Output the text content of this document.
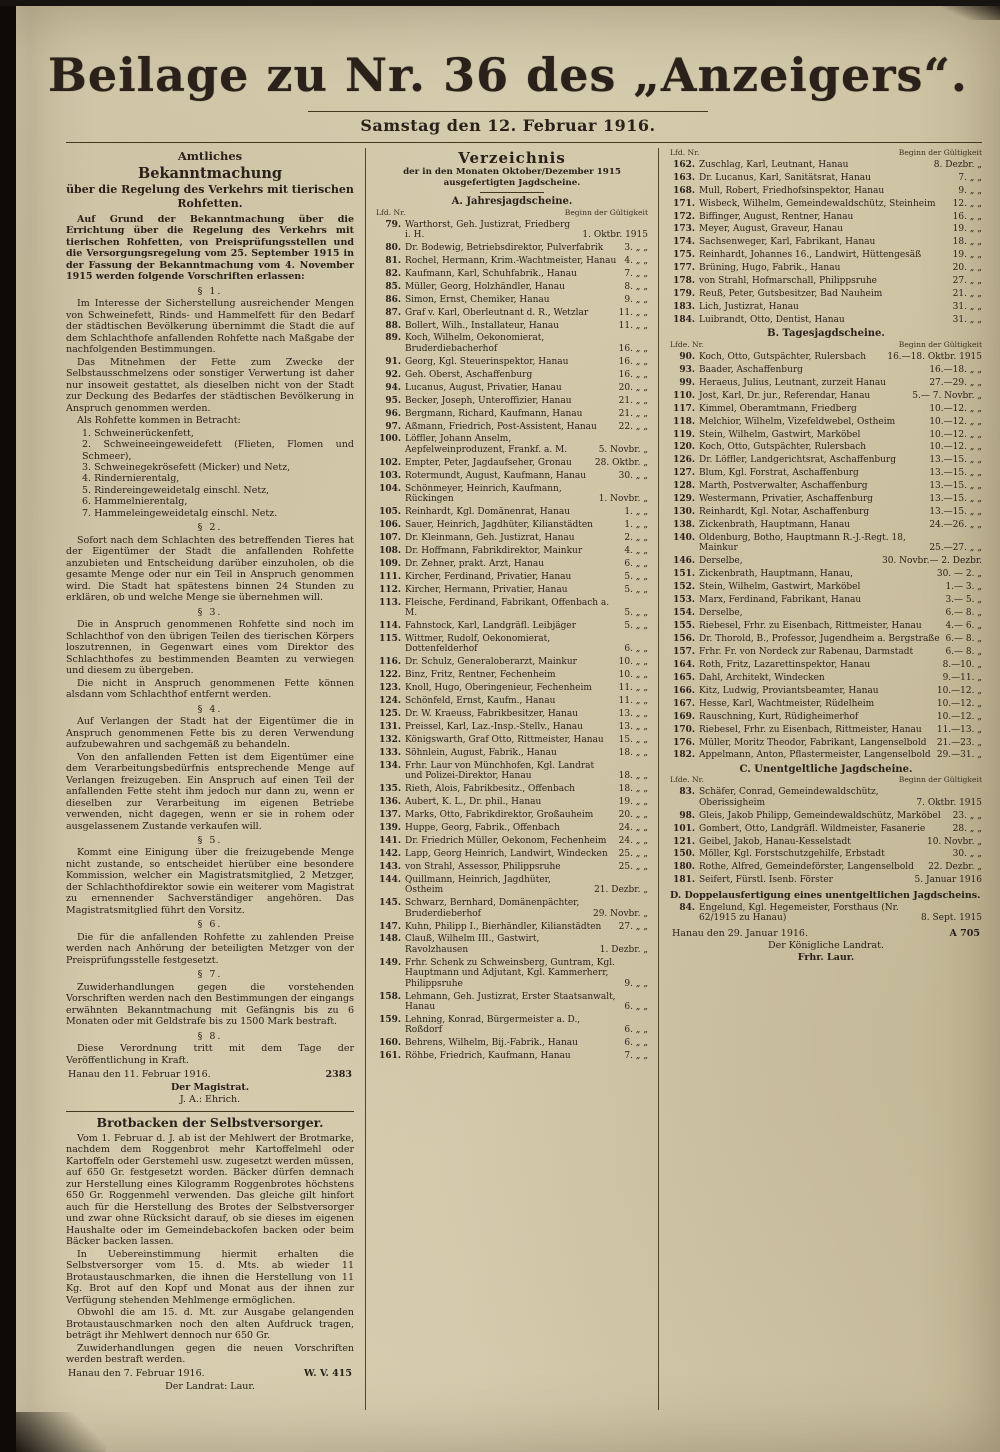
Beilage zu Nr. 36 des „Anzeigers“.
Samstag den 12. Februar 1916.
Amtliches
Bekanntmachung
über die Regelung des Verkehrs mit tierischen Rohfetten.

Auf Grund der Bekanntmachung über die Errichtung über die Regelung des Verkehrs mit tierischen Rohfetten, von Preisprüfungsstellen und die Versorgungsregelung vom 25. September 1915 in der Fassung der Bekanntmachung vom 4. November 1915 werden folgende Vorschriften erlassen:

§ 1.

Im Interesse der Sicherstellung ausreichender Mengen von Schweinefett, Rinds- und Hammelfett für den Bedarf der städtischen Bevölkerung übernimmt die Stadt die auf dem Schlachthofe anfallenden Rohfette nach Maßgabe der nachfolgenden Bestimmungen.

Das Mitnehmen der Fette zum Zwecke der Selbstausschmelzens oder sonstiger Verwertung ist daher nur insoweit gestattet, als dieselben nicht von der Stadt zur Deckung des Bedarfes der städtischen Bevölkerung in Anspruch genommen werden.

Als Rohfette kommen in Betracht:

1. Schweinerückenfett,
2. Schweineeingeweidefett (Flieten, Flomen und Schmeer),
3. Schweinegekrösefett (Micker) und Netz,
4. Rindernierentalg,
5. Rindereingeweidetalg einschl. Netz,
6. Hammelnierentalg,
7. Hammeleingeweidetalg einschl. Netz.
§ 2.

Sofort nach dem Schlachten des betreffenden Tieres hat der Eigentümer der Stadt die anfallenden Rohfette anzubieten und Entscheidung darüber einzuholen, ob die gesamte Menge oder nur ein Teil in Anspruch genommen wird. Die Stadt hat spätestens binnen 24 Stunden zu erklären, ob und welche Menge sie übernehmen will.

§ 3.

Die in Anspruch genommenen Rohfette sind noch im Schlachthof von den übrigen Teilen des tierischen Körpers loszutrennen, in Gegenwart eines vom Direktor des Schlachthofes zu bestimmenden Beamten zu verwiegen und diesem zu übergeben.

Die nicht in Anspruch genommenen Fette können alsdann vom Schlachthof entfernt werden.

§ 4.

Auf Verlangen der Stadt hat der Eigentümer die in Anspruch genommenen Fette bis zu deren Verwendung aufzubewahren und sachgemäß zu behandeln.

Von den anfallenden Fetten ist dem Eigentümer eine dem Verarbeitungsbedürfnis entsprechende Menge auf Verlangen freizugeben. Ein Anspruch auf einen Teil der anfallenden Fette steht ihm jedoch nur dann zu, wenn er dieselben zur Verarbeitung im eigenen Betriebe verwenden, nicht dagegen, wenn er sie in rohem oder ausgelassenem Zustande verkaufen will.

§ 5.

Kommt eine Einigung über die freizugebende Menge nicht zustande, so entscheidet hierüber eine besondere Kommission, welcher ein Magistratsmitglied, 2 Metzger, der Schlachthofdirektor sowie ein weiterer vom Magistrat zu ernennender Sachverständiger angehören. Das Magistratsmitglied führt den Vorsitz.

§ 6.

Die für die anfallenden Rohfette zu zahlenden Preise werden nach Anhörung der beteiligten Metzger von der Preisprüfungsstelle festgesetzt.

§ 7.

Zuwiderhandlungen gegen die vorstehenden Vorschriften werden nach den Bestimmungen der eingangs erwähnten Bekanntmachung mit Gefängnis bis zu 6 Monaten oder mit Geldstrafe bis zu 1500 Mark bestraft.

§ 8.

Diese Verordnung tritt mit dem Tage der Veröffentlichung in Kraft.

Hanau den 11. Februar 1916.	2383
Der Magistrat.
J. A.: Ehrich.
Brotbacken der Selbstversorger.

Vom 1. Februar d. J. ab ist der Mehlwert der Brotmarke, nachdem dem Roggenbrot mehr Kartoffelmehl oder Kartoffeln oder Gerstemehl usw. zugesetzt werden müssen, auf 650 Gr. festgesetzt worden. Bäcker dürfen demnach zur Herstellung eines Kilogramm Roggenbrotes höchstens 650 Gr. Roggenmehl verwenden. Das gleiche gilt hinfort auch für die Herstellung des Brotes der Selbstversorger und zwar ohne Rücksicht darauf, ob sie dieses im eigenen Haushalte oder im Gemeindebackofen backen oder beim Bäcker backen lassen.

In Uebereinstimmung hiermit erhalten die Selbstversorger vom 15. d. Mts. ab wieder 11 Brotaustauschmarken, die ihnen die Herstellung von 11 Kg. Brot auf den Kopf und Monat aus der ihnen zur Verfügung stehenden Mehlmenge ermöglichen.

Obwohl die am 15. d. Mt. zur Ausgabe gelangenden Brotaustauschmarken noch den alten Aufdruck tragen, beträgt ihr Mehlwert dennoch nur 650 Gr.

Zuwiderhandlungen gegen die neuen Vorschriften werden bestraft werden.

Hanau den 7. Februar 1916.	W. V. 415
Der Landrat: Laur.
Verzeichnis
der in den Monaten Oktober/Dezember 1915
ausgefertigten Jagdscheine.
A. Jahresjagdscheine.
Lfd. Nr.	Beginn der Gültigkeit
79. Warthorst, Geh. Justizrat, Friedberg i. H.	1. Oktbr. 1915
80. Dr. Bodewig, Betriebsdirektor, Pulverfabrik	3. „ „
81. Rochel, Hermann, Krim.-Wachtmeister, Hanau 4. „ „
82. Kaufmann, Karl, Schuhfabrik., Hanau	7. „ „
85. Müller, Georg, Holzhändler, Hanau	8. „ „
86. Simon, Ernst, Chemiker, Hanau	9. „ „
87. Graf v. Karl, Oberleutnant d. R., Wetzlar	11. „ „
88. Bollert, Wilh., Installateur, Hanau	11. „ „
89. Koch, Wilhelm, Oekonomierat, Bruderdiebacherhof	16. „ „
91. Georg, Kgl. Steuerinspektor, Hanau	16. „ „
92. Geh. Oberst, Aschaffenburg	16. „ „
94. Lucanus, August, Privatier, Hanau	20. „ „
95. Becker, Joseph, Unteroffizier, Hanau	21. „ „
96. Bergmann, Richard, Kaufmann, Hanau	21. „ „
97. Aßmann, Friedrich, Post-Assistent, Hanau	22. „ „
100. Löffler, Johann Anselm, Aepfelweinproduzent, Frankf. a. M.	5. Novbr. „
102. Empter, Peter, Jagdaufseher, Gronau	28. Oktbr. „
103. Rotermundt, August, Kaufmann, Hanau	30. „ „
104. Schönmeyer, Heinrich, Kaufmann, Rückingen	1. Novbr. „
105. Reinhardt, Kgl. Domänenrat, Hanau	1. „ „
106. Sauer, Heinrich, Jagdhüter, Kilianstädten	1. „ „
107. Dr. Kleinmann, Geh. Justizrat, Hanau	2. „ „
108. Dr. Hoffmann, Fabrikdirektor, Mainkur	4. „ „
109. Dr. Zehner, prakt. Arzt, Hanau	6. „ „
111. Kircher, Ferdinand, Privatier, Hanau	5. „ „
112. Kircher, Hermann, Privatier, Hanau	5. „ „
113. Fleische, Ferdinand, Fabrikant, Offenbach a. M.	5. „ „
114. Fahnstock, Karl, Landgräfl. Leibjäger	5. „ „
115. Wittmer, Rudolf, Oekonomierat, Dottenfelderhof	6. „ „
116. Dr. Schulz, Generaloberarzt, Mainkur	10. „ „
122. Binz, Fritz, Rentner, Fechenheim	10. „ „
123. Knoll, Hugo, Oberingenieur, Fechenheim	11. „ „
124. Schönfeld, Ernst, Kaufm., Hanau	11. „ „
125. Dr. W. Kraeuss, Fabrikbesitzer, Hanau	13. „ „
131. Preissel, Karl, Laz.-Insp.-Stellv., Hanau	13. „ „
132. Königswarth, Graf Otto, Rittmeister, Hanau	15. „ „
133. Söhnlein, August, Fabrik., Hanau	18. „ „
134. Frhr. Laur von Münchhofen, Kgl. Landrat und Polizei-Direktor, Hanau	18. „ „
135. Rieth, Alois, Fabrikbesitz., Offenbach	18. „ „
136. Aubert, K. L., Dr. phil., Hanau	19. „ „
137. Marks, Otto, Fabrikdirektor, Großauheim	20. „ „
139. Huppe, Georg, Fabrik., Offenbach	24. „ „
141. Dr. Friedrich Müller, Oekonom, Fechenheim	24. „ „
142. Lapp, Georg Heinrich, Landwirt, Windecken	25. „ „
143. von Strahl, Assessor, Philippsruhe	25. „ „
144. Quillmann, Heinrich, Jagdhüter, Ostheim	21. Dezbr. „
145. Schwarz, Bernhard, Domänenpächter, Bruderdieberhof	29. Novbr. „
147. Kuhn, Philipp I., Bierhändler, Kilianstädten	27. „ „
148. Clauß, Wilhelm III., Gastwirt, Ravolzhausen	1. Dezbr. „
149. Frhr. Schenk zu Schweinsberg, Guntram, Kgl. Hauptmann und Adjutant, Kgl. Kammerherr, Philippsruhe	9. „ „
158. Lehmann, Geh. Justizrat, Erster Staatsanwalt, Hanau	6. „ „
159. Lehning, Konrad, Bürgermeister a. D., Roßdorf	6. „ „
160. Behrens, Wilhelm, Bij.-Fabrik., Hanau	6. „ „
161. Röhbe, Friedrich, Kaufmann, Hanau	7. „ „
Lfd. Nr.	Beginn der Gültigkeit
162. Zuschlag, Karl, Leutnant, Hanau	8. Dezbr. „
163. Dr. Lucanus, Karl, Sanitätsrat, Hanau	7. „ „
168. Mull, Robert, Friedhofsinspektor, Hanau	9. „ „
171. Wisbeck, Wilhelm, Gemeindewaldschütz, Steinheim	12. „ „
172. Biffinger, August, Rentner, Hanau	16. „ „
173. Meyer, August, Graveur, Hanau	19. „ „
174. Sachsenweger, Karl, Fabrikant, Hanau	18. „ „
175. Reinhardt, Johannes 16., Landwirt, Hüttengesäß	19. „ „
177. Brüning, Hugo, Fabrik., Hanau	20. „ „
178. von Strahl, Hofmarschall, Philippsruhe	27. „ „
179. Reuß, Peter, Gutsbesitzer, Bad Nauheim	21. „ „
183. Lich, Justizrat, Hanau	31. „ „
184. Luibrandt, Otto, Dentist, Hanau	31. „ „
B. Tagesjagdscheine.
Lfde. Nr.	Beginn der Gültigkeit
90. Koch, Otto, Gutspächter, Rulersbach	16.—18. Oktbr. 1915
93. Baader, Aschaffenburg	16.—18. „ „
99. Heraeus, Julius, Leutnant, zurzeit Hanau	27.—29. „ „
110. Jost, Karl, Dr. jur., Referendar, Hanau	5.— 7. Novbr. „
117. Kimmel, Oberamtmann, Friedberg	10.—12. „ „
118. Melchior, Wilhelm, Vizefeldwebel, Ostheim	10.—12. „ „
119. Stein, Wilhelm, Gastwirt, Marköbel	10.—12. „ „
120. Koch, Otto, Gutspächter, Rulersbach	10.—12. „ „
126. Dr. Löffler, Landgerichtsrat, Aschaffenburg	13.—15. „ „
127. Blum, Kgl. Forstrat, Aschaffenburg	13.—15. „ „
128. Marth, Postverwalter, Aschaffenburg	13.—15. „ „
129. Westermann, Privatier, Aschaffenburg	13.—15. „ „
130. Reinhardt, Kgl. Notar, Aschaffenburg	13.—15. „ „
138. Zickenbrath, Hauptmann, Hanau	24.—26. „ „
140. Oldenburg, Botho, Hauptmann R.-J.-Regt. 18, Mainkur	25.—27. „ „
146. Derselbe,	30. Novbr.— 2. Dezbr.
151. Zickenbrath, Hauptmann, Hanau,	30. — 2. „
152. Stein, Wilhelm, Gastwirt, Marköbel	1.— 3. „
153. Marx, Ferdinand, Fabrikant, Hanau	3.— 5. „
154. Derselbe,	6.— 8. „
155. Riebesel, Frhr. zu Eisenbach, Rittmeister, Hanau	4.— 6. „
156. Dr. Thorold, B., Professor, Jugendheim a. Bergstraße 6.— 8. „
157. Frhr. Fr. von Nordeck zur Rabenau, Darmstadt	6.— 8. „
164. Roth, Fritz, Lazarettinspektor, Hanau	8.—10. „
165. Dahl, Architekt, Windecken	9.—11. „
166. Kitz, Ludwig, Proviantsbeamter, Hanau	10.—12. „
167. Hesse, Karl, Wachtmeister, Rüdelheim	10.—12. „
169. Rauschning, Kurt, Rüdigheimerhof	10.—12. „
170. Riebesel, Frhr. zu Eisenbach, Rittmeister, Hanau	11.—13. „
176. Müller, Moritz Theodor, Fabrikant, Langenselbold	21.—23. „
182. Appelmann, Anton, Pflastermeister, Langenselbold 29.—31. „
C. Unentgeltliche Jagdscheine.
Lfde. Nr.	Beginn der Gültigkeit
83. Schäfer, Conrad, Gemeindewaldschütz, Oberissigheim	7. Oktbr. 1915
98. Gleis, Jakob Philipp, Gemeindewaldschütz, Marköbel	23. „ „
101. Gombert, Otto, Landgräfl. Wildmeister, Fasanerie	28. „ „
121. Geibel, Jakob, Hanau-Kesselstadt	10. Novbr. „
150. Möller, Kgl. Forstschutzgehilfe, Erbstadt	30. „ „
180. Rothe, Alfred, Gemeindeförster, Langenselbold	22. Dezbr. „
181. Seifert, Fürstl. Isenb. Förster	5. Januar 1916
D. Doppelausfertigung eines unentgeltlichen Jagdscheins.
84. Engelund, Kgl. Hegemeister, Forsthaus (Nr. 62/1915 zu Hanau)	8. Sept. 1915
Hanau den 29. Januar 1916.	A 705
Der Königliche Landrat.
Frhr. Laur.
